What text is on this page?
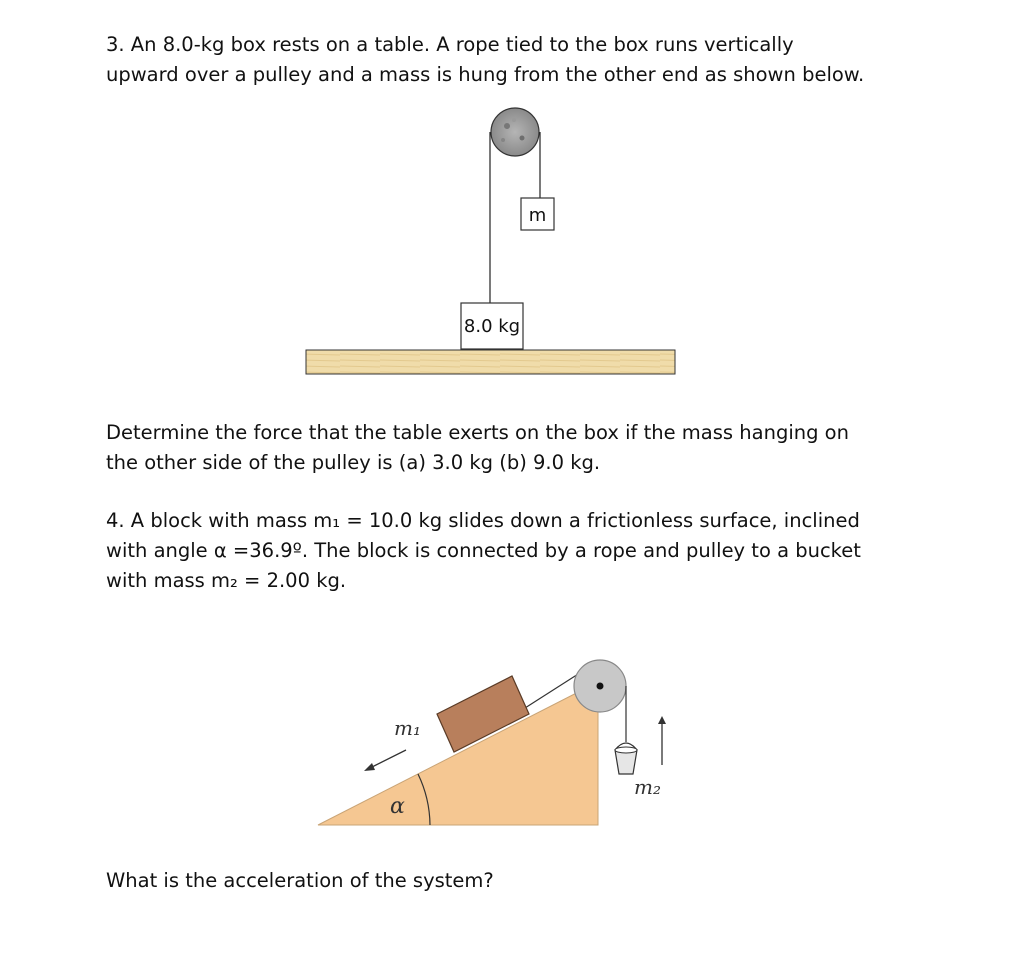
3. An 8.0-kg box rests on a table. A rope tied to the box runs vertically
upward over a pulley and a mass is hung from the other end as shown below.

m
8.0 kg

Determine the force that the table exerts on the box if the mass hanging on
the other side of the pulley is (a) 3.0 kg (b) 9.0 kg.

4. A block with mass m₁ = 10.0 kg slides down a frictionless surface, inclined
with angle α =36.9º. The block is connected by a rope and pulley to a bucket
with mass m₂ = 2.00 kg.

α
m₁
m₂

What is the acceleration of the system?
